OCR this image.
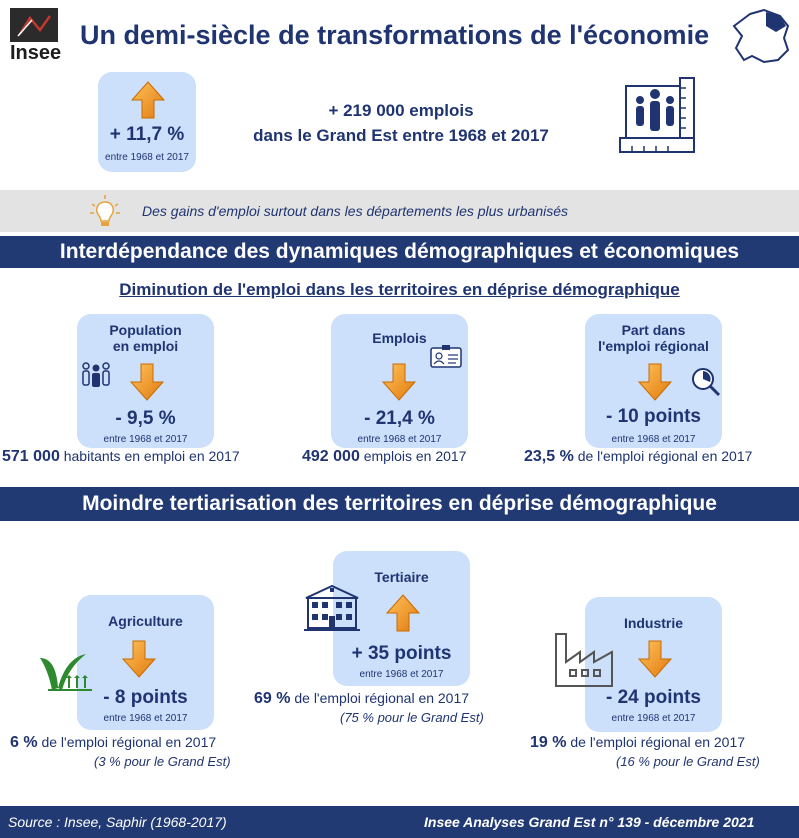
Insee
Un demi-siècle de transformations de l'économie
+ 11,7 %
entre 1968 et 2017
+ 219 000 emplois
dans le Grand Est entre 1968 et 2017
Des gains d'emploi surtout dans les départements les plus urbanisés
Interdépendance des dynamiques démographiques et économiques
Diminution de l'emploi dans les territoires en déprise démographique
Population
en emploi
- 9,5 %
entre 1968 et 2017
571 000 habitants en emploi en 2017
Emplois
- 21,4 %
entre 1968 et 2017
492 000 emplois en 2017
Part dans
l'emploi régional
- 10 points
entre 1968 et 2017
23,5 % de l'emploi régional en 2017
Moindre tertiarisation des territoires en déprise démographique
Agriculture
- 8 points
entre 1968 et 2017
6 % de l'emploi régional en 2017
(3 % pour le Grand Est)
Tertiaire
+ 35 points
entre 1968 et 2017
69 % de l'emploi régional en 2017
(75 % pour le Grand Est)
Industrie
- 24 points
entre 1968 et 2017
19 % de l'emploi régional en 2017
(16 % pour le Grand Est)
Source : Insee, Saphir (1968-2017)	Insee Analyses Grand Est n° 139 - décembre 2021
